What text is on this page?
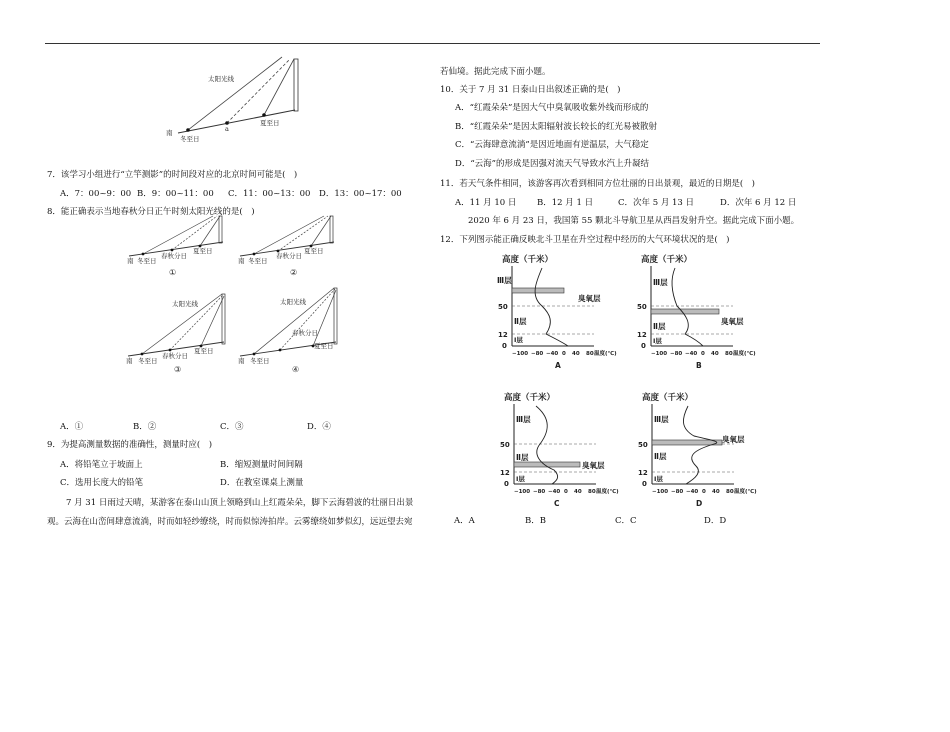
太阳光线
南
冬至日
a
夏至日
7．该学习小组进行“立竿测影”的时间段对应的北京时间可能是(　)
A．7：00~9：00 B．9：00~11：00 C．11：00~13：00 D．13：00~17：00
8．能正确表示当地春秋分日正午时刻太阳光线的是(　)
南 冬至日
春秋分日
夏至日
①
南 冬至日
春秋分日
夏至日
②
太阳光线
南 冬至日
春秋分日
夏至日
③
太阳光线
南 冬至日
春秋分日
夏至日
④
A．①	B．②	C．③	D．④
9．为提高测量数据的准确性，测量时应(　)
A．将铅笔立于坡面上	B．缩短测量时间间隔
C．选用长度大的铅笔	D．在教室课桌上测量
7 月 31 日雨过天晴，某游客在泰山山顶上领略到山上红霞朵朵，脚下云海碧波的壮丽日出景
观。云海在山峦间肆意流淌，时而如轻纱缭绕，时而似惊涛拍岸。云雾缭绕如梦似幻，远远望去宛
若仙境。据此完成下面小题。
10．关于 7 月 31 日泰山日出叙述正确的是(　)
A．“红霞朵朵”是因大气中臭氧吸收紫外线而形成的
B．“红霞朵朵”是因太阳辐射波长较长的红光易被散射
C．“云海肆意流淌”是因近地面有逆温层，大气稳定
D．“云海”的形成是因强对流天气导致水汽上升凝结
11．若天气条件相同，该游客再次看到相同方位壮丽的日出景观，最近的日期是(　)
A．11 月 10 日 B．12 月 1 日	C．次年 5 月 13 日	D．次年 6 月 12 日
2020 年 6 月 23 日，我国第 55 颗北斗导航卫星从西昌发射升空。据此完成下面小题。
12．下列图示能正确反映北斗卫星在升空过程中经历的大气环境状况的是(　)
高度（千米）
Ⅲ层
臭氧层
Ⅱ层
Ⅰ层
50
12
0
−100 −80 −40 0 40 80 温度(℃)
A
高度（千米）
Ⅲ层
臭氧层
Ⅱ层
Ⅰ层
50
12
0
−100 −80 −40 0 40 80 温度(℃)
B
高度（千米）
Ⅲ层
Ⅱ层
臭氧层
Ⅰ层
50
12
0
−100 −80 −40 0 40 80 温度(℃)
C
高度（千米）
Ⅲ层
臭氧层
Ⅱ层
Ⅰ层
50
12
0
−100 −80 −40 0 40 80 温度(℃)
D
A．A	B．B	C．C	D．D
